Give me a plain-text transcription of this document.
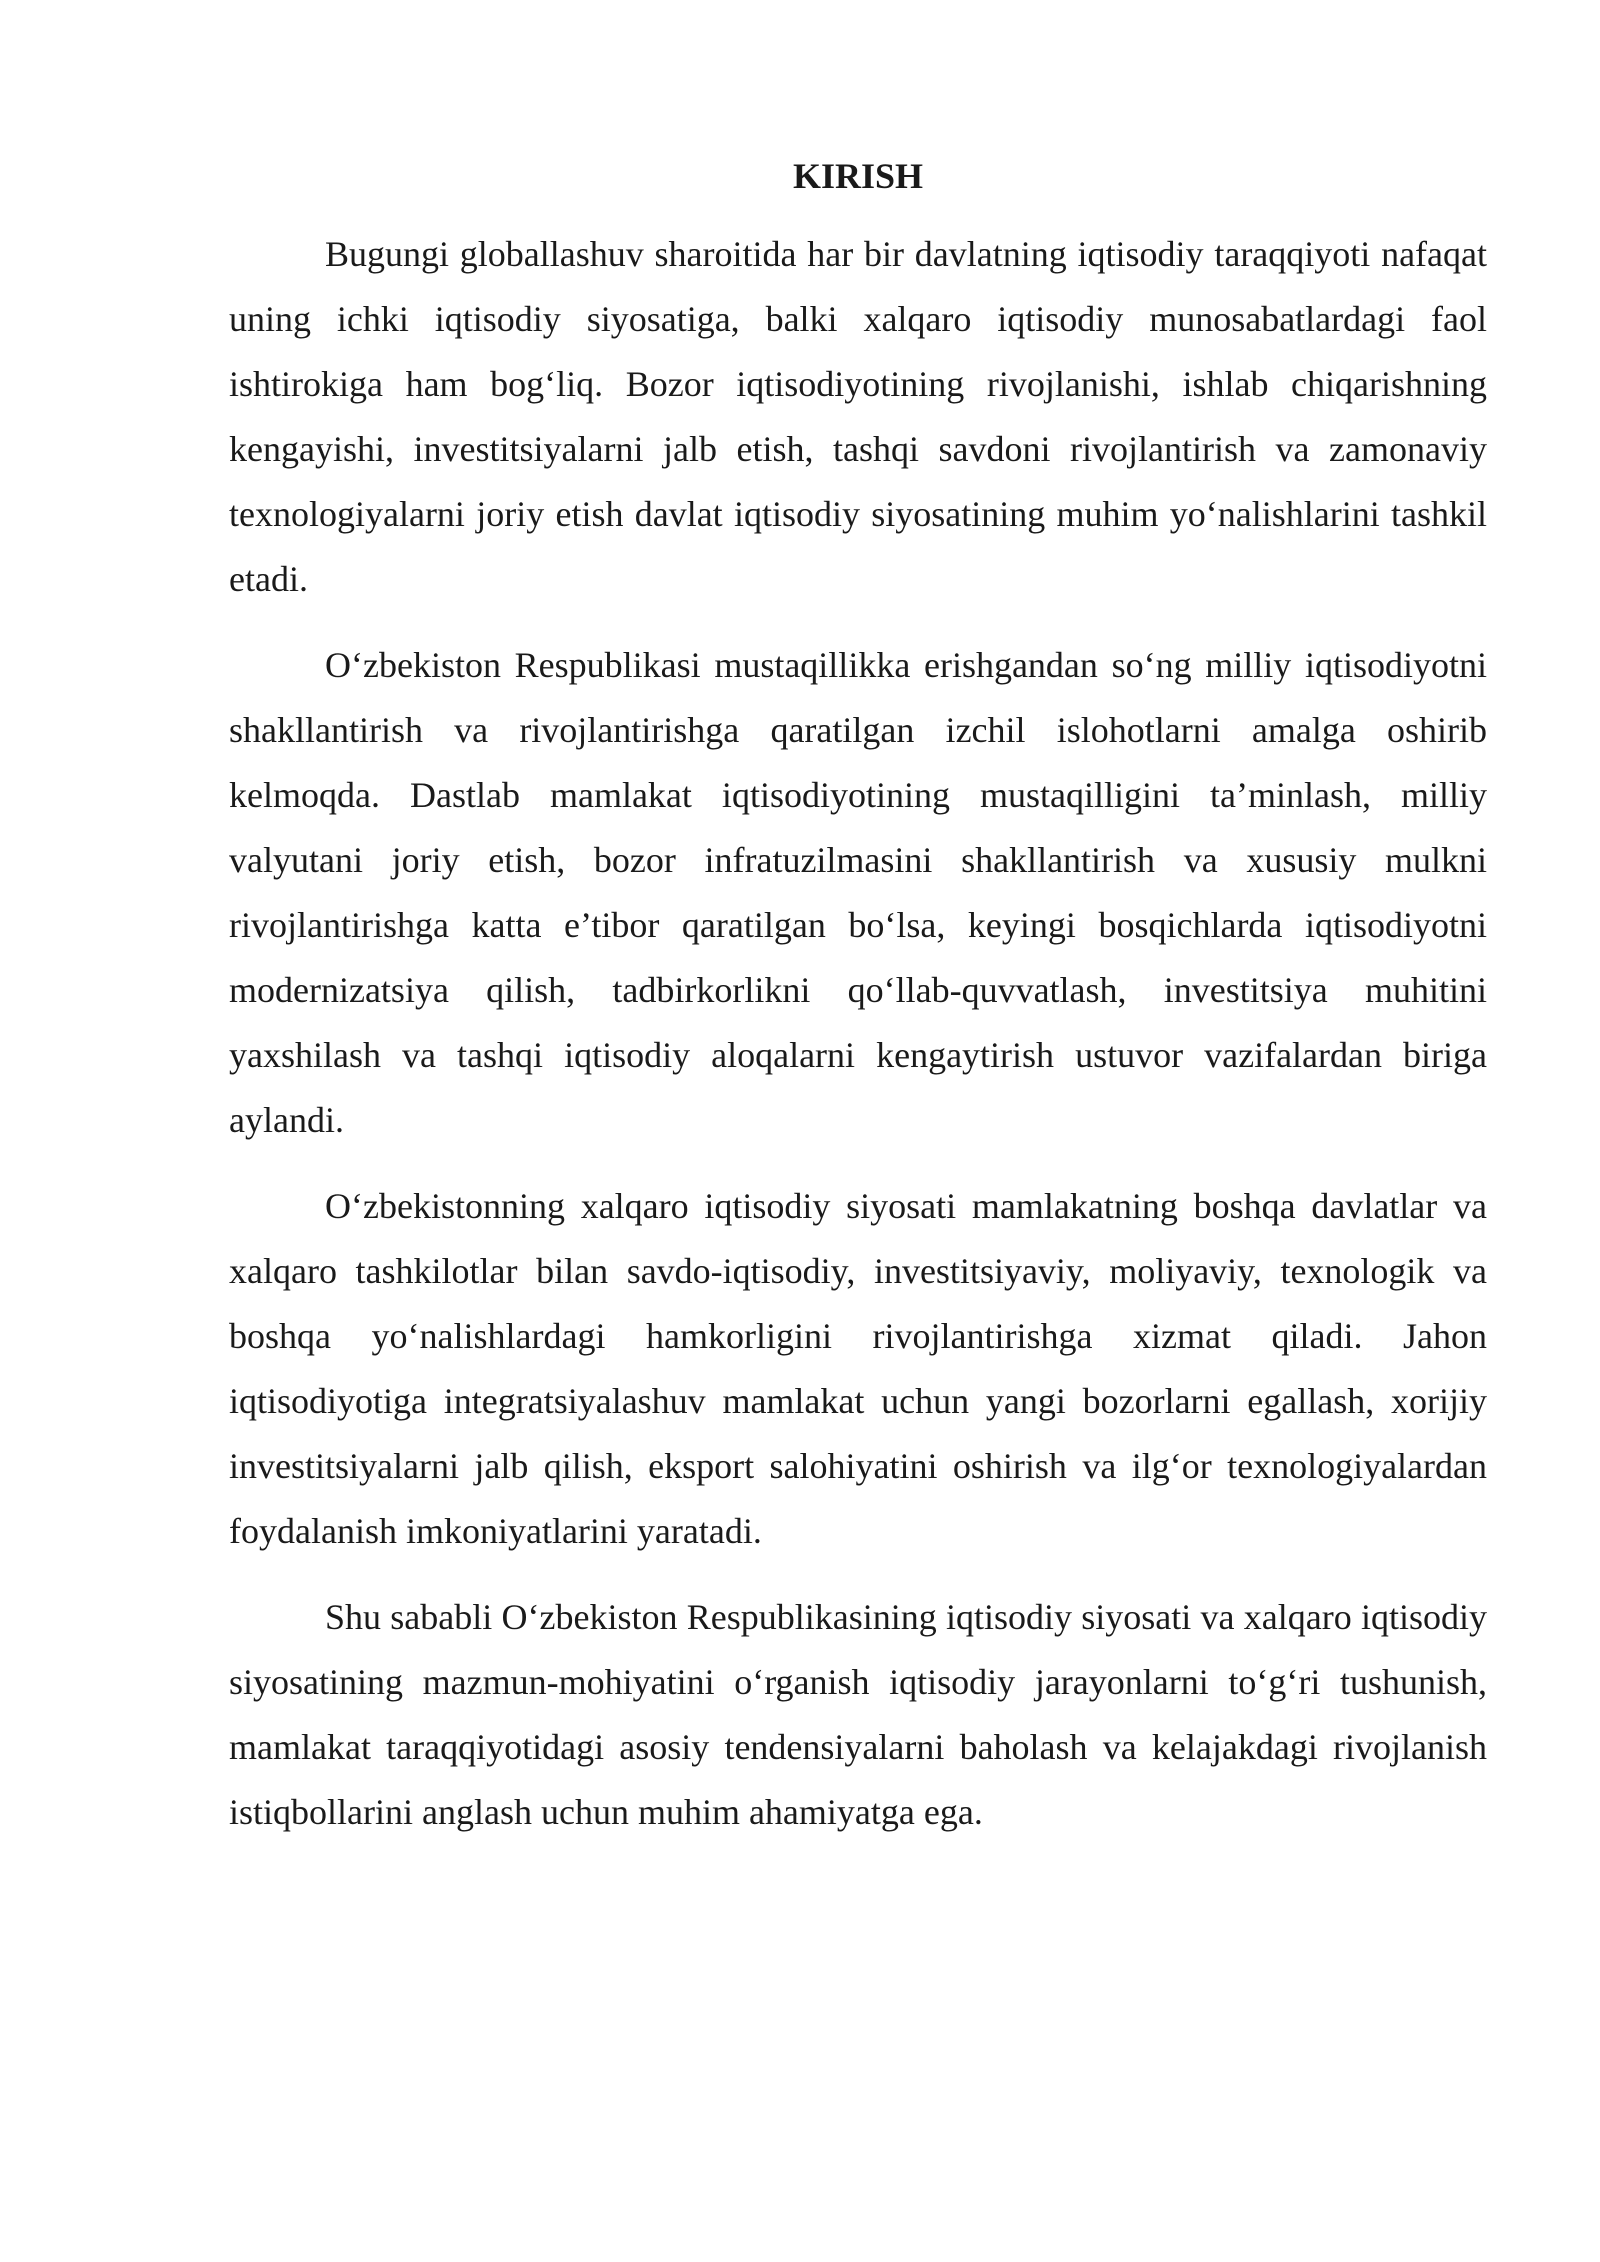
KIRISH

Bugungi globallashuv sharoitida har bir davlatning iqtisodiy taraqqiyoti nafaqat uning ichki iqtisodiy siyosatiga, balki xalqaro iqtisodiy munosabatlardagi faol ishtirokiga ham bog‘liq. Bozor iqtisodiyotining rivojlanishi, ishlab chiqarishning kengayishi, investitsiyalarni jalb etish, tashqi savdoni rivojlantirish va zamonaviy texnologiyalarni joriy etish davlat iqtisodiy siyosatining muhim yo‘nalishlarini tashkil etadi.

O‘zbekiston Respublikasi mustaqillikka erishgandan so‘ng milliy iqtisodiyotni shakllantirish va rivojlantirishga qaratilgan izchil islohotlarni amalga oshirib kelmoqda. Dastlab mamlakat iqtisodiyotining mustaqilligini ta’minlash, milliy valyutani joriy etish, bozor infratuzilmasini shakllantirish va xususiy mulkni rivojlantirishga katta e’tibor qaratilgan bo‘lsa, keyingi bosqichlarda iqtisodiyotni modernizatsiya qilish, tadbirkorlikni qo‘llab-quvvatlash, investitsiya muhitini yaxshilash va tashqi iqtisodiy aloqalarni kengaytirish ustuvor vazifalardan biriga aylandi.

O‘zbekistonning xalqaro iqtisodiy siyosati mamlakatning boshqa davlatlar va xalqaro tashkilotlar bilan savdo-iqtisodiy, investitsiyaviy, moliyaviy, texnologik va boshqa yo‘nalishlardagi hamkorligini rivojlantirishga xizmat qiladi. Jahon iqtisodiyotiga integratsiyalashuv mamlakat uchun yangi bozorlarni egallash, xorijiy investitsiyalarni jalb qilish, eksport salohiyatini oshirish va ilg‘or texnologiyalardan foydalanish imkoniyatlarini yaratadi.

Shu sababli O‘zbekiston Respublikasining iqtisodiy siyosati va xalqaro iqtisodiy siyosatining mazmun-mohiyatini o‘rganish iqtisodiy jarayonlarni to‘g‘ri tushunish, mamlakat taraqqiyotidagi asosiy tendensiyalarni baholash va kelajakdagi rivojlanish istiqbollarini anglash uchun muhim ahamiyatga ega.
